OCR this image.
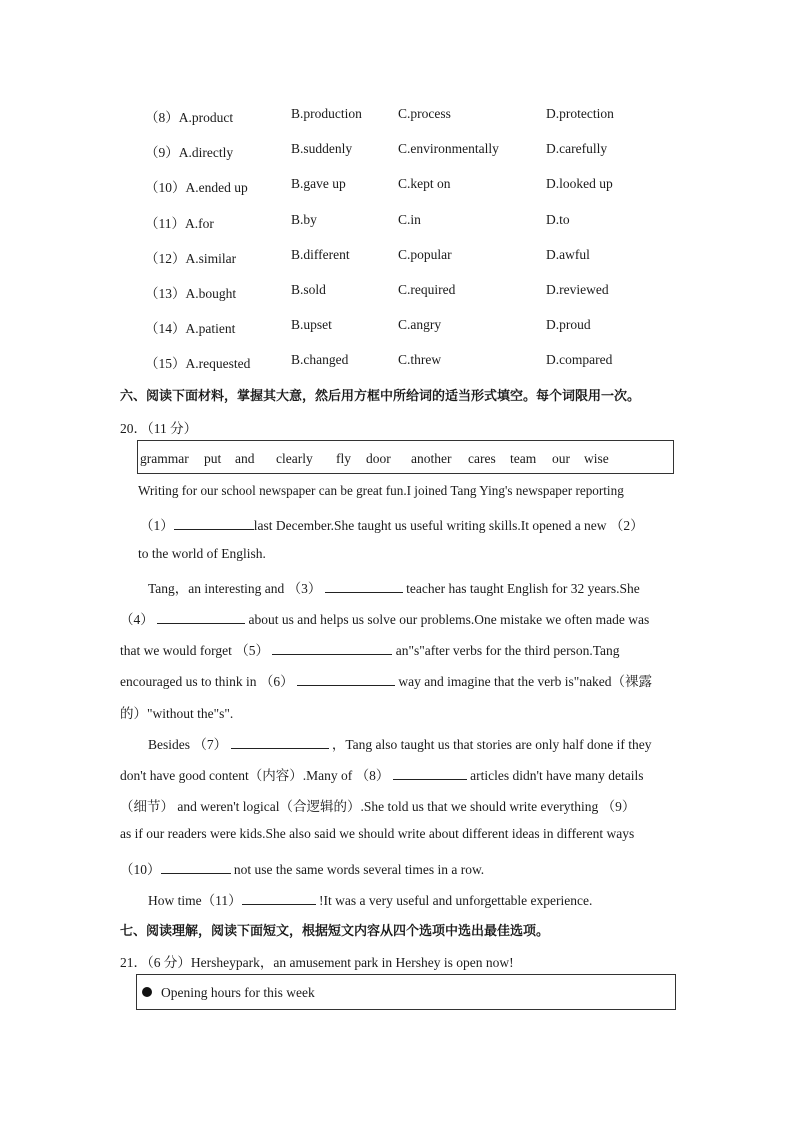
（8）A.product	B.production	C.process	D.protection
（9）A.directly	B.suddenly	C.environmentally	D.carefully
（10）A.ended up	B.gave up	C.kept on	D.looked up
（11）A.for	B.by	C.in	D.to
（12）A.similar	B.different	C.popular	D.awful
（13）A.bought	B.sold	C.required	D.reviewed
（14）A.patient	B.upset	C.angry	D.proud
（15）A.requested	B.changed	C.threw	D.compared
六、阅读下面材料，掌握其大意，然后用方框中所给词的适当形式填空。每个词限用一次。
20．（11 分）
grammar put and clearly fly door another cares team our wise
Writing for our school newspaper can be great fun.I joined Tang Ying's newspaper reporting
（1）	last December.She taught us useful writing skills.It opened a new （2）
to the world of English.
Tang，an interesting and （3）	teacher has taught English for 32 years.She
（4）	about us and helps us solve our problems.One mistake we often made was
that we would forget （5）	an"s"after verbs for the third person.Tang
encouraged us to think in （6）	way and imagine that the verb is"naked（裸露
的）"without the"s".
Besides （7）	，Tang also taught us that stories are only half done if they
don't have good content（内容）.Many of （8）	articles didn't have many details
（细节） and weren't logical（合逻辑的）.She told us that we should write everything （9）
as if our readers were kids.She also said we should write about different ideas in different ways
（10）	not use the same words several times in a row.
How time（11）	!It was a very useful and unforgettable experience.
七、阅读理解，阅读下面短文，根据短文内容从四个选项中选出最佳选项。
21．（6 分）Hersheypark，an amusement park in Hershey is open now!
Opening hours for this week
